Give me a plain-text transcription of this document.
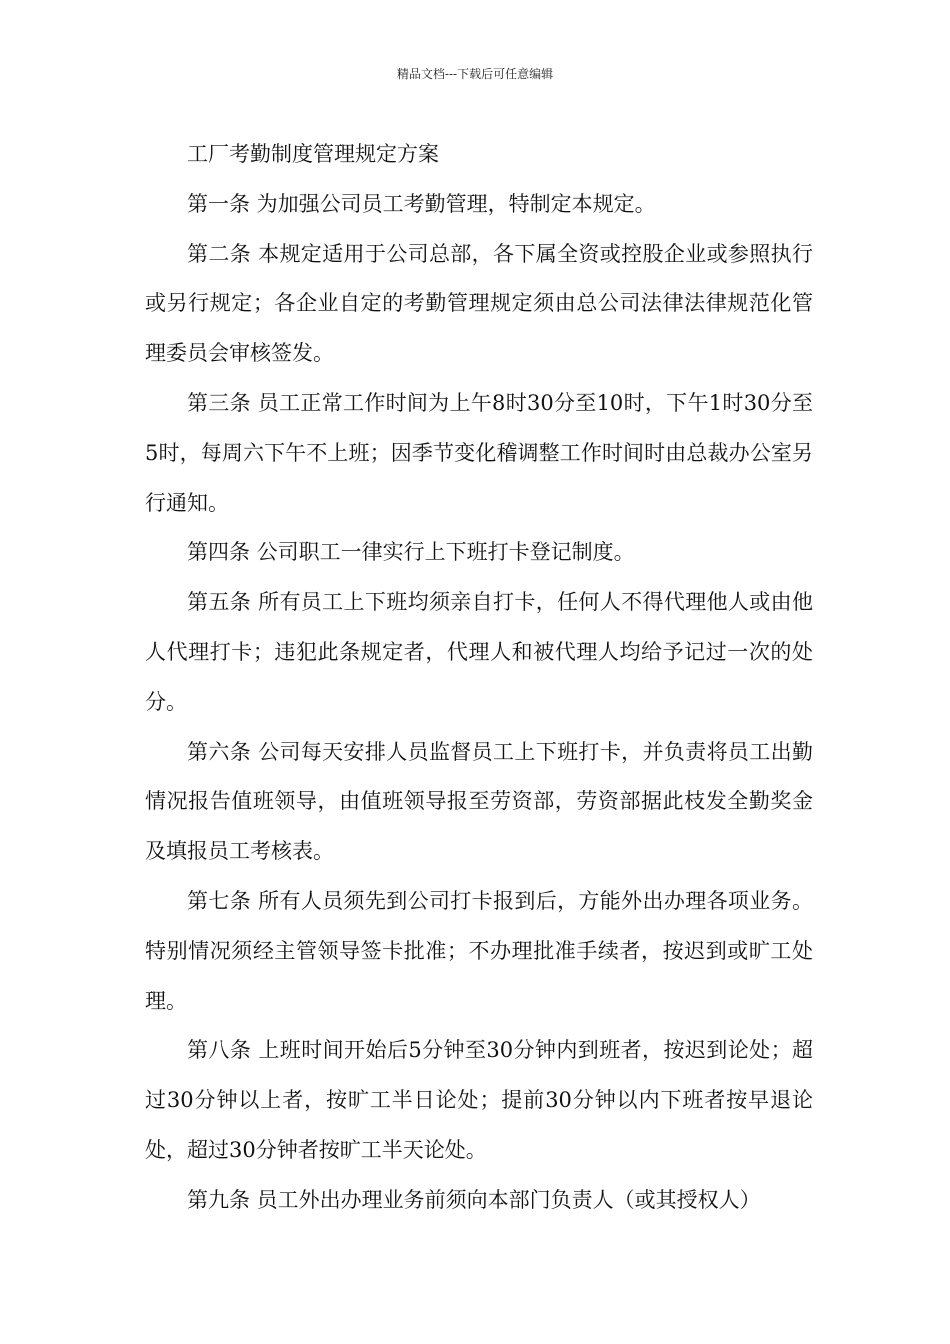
精品文档---下载后可任意编辑

工厂考勤制度管理规定方案

第一条 为加强公司员工考勤管理，特制定本规定。

第二条 本规定适用于公司总部，各下属全资或控股企业或参照执行或另行规定；各企业自定的考勤管理规定须由总公司法律法律规范化管理委员会审核签发。

第三条 员工正常工作时间为上午8时30分至10时，下午1时30分至5时，每周六下午不上班；因季节变化稽调整工作时间时由总裁办公室另行通知。

第四条 公司职工一律实行上下班打卡登记制度。

第五条 所有员工上下班均须亲自打卡，任何人不得代理他人或由他人代理打卡；违犯此条规定者，代理人和被代理人均给予记过一次的处分。

第六条 公司每天安排人员监督员工上下班打卡，并负责将员工出勤情况报告值班领导，由值班领导报至劳资部，劳资部据此枝发全勤奖金及填报员工考核表。

第七条 所有人员须先到公司打卡报到后，方能外出办理各项业务。特别情况须经主管领导签卡批准；不办理批准手续者，按迟到或旷工处理。

第八条 上班时间开始后5分钟至30分钟内到班者，按迟到论处；超过30分钟以上者，按旷工半日论处；提前30分钟以内下班者按早退论处，超过30分钟者按旷工半天论处。

第九条 员工外出办理业务前须向本部门负责人（或其授权人）
